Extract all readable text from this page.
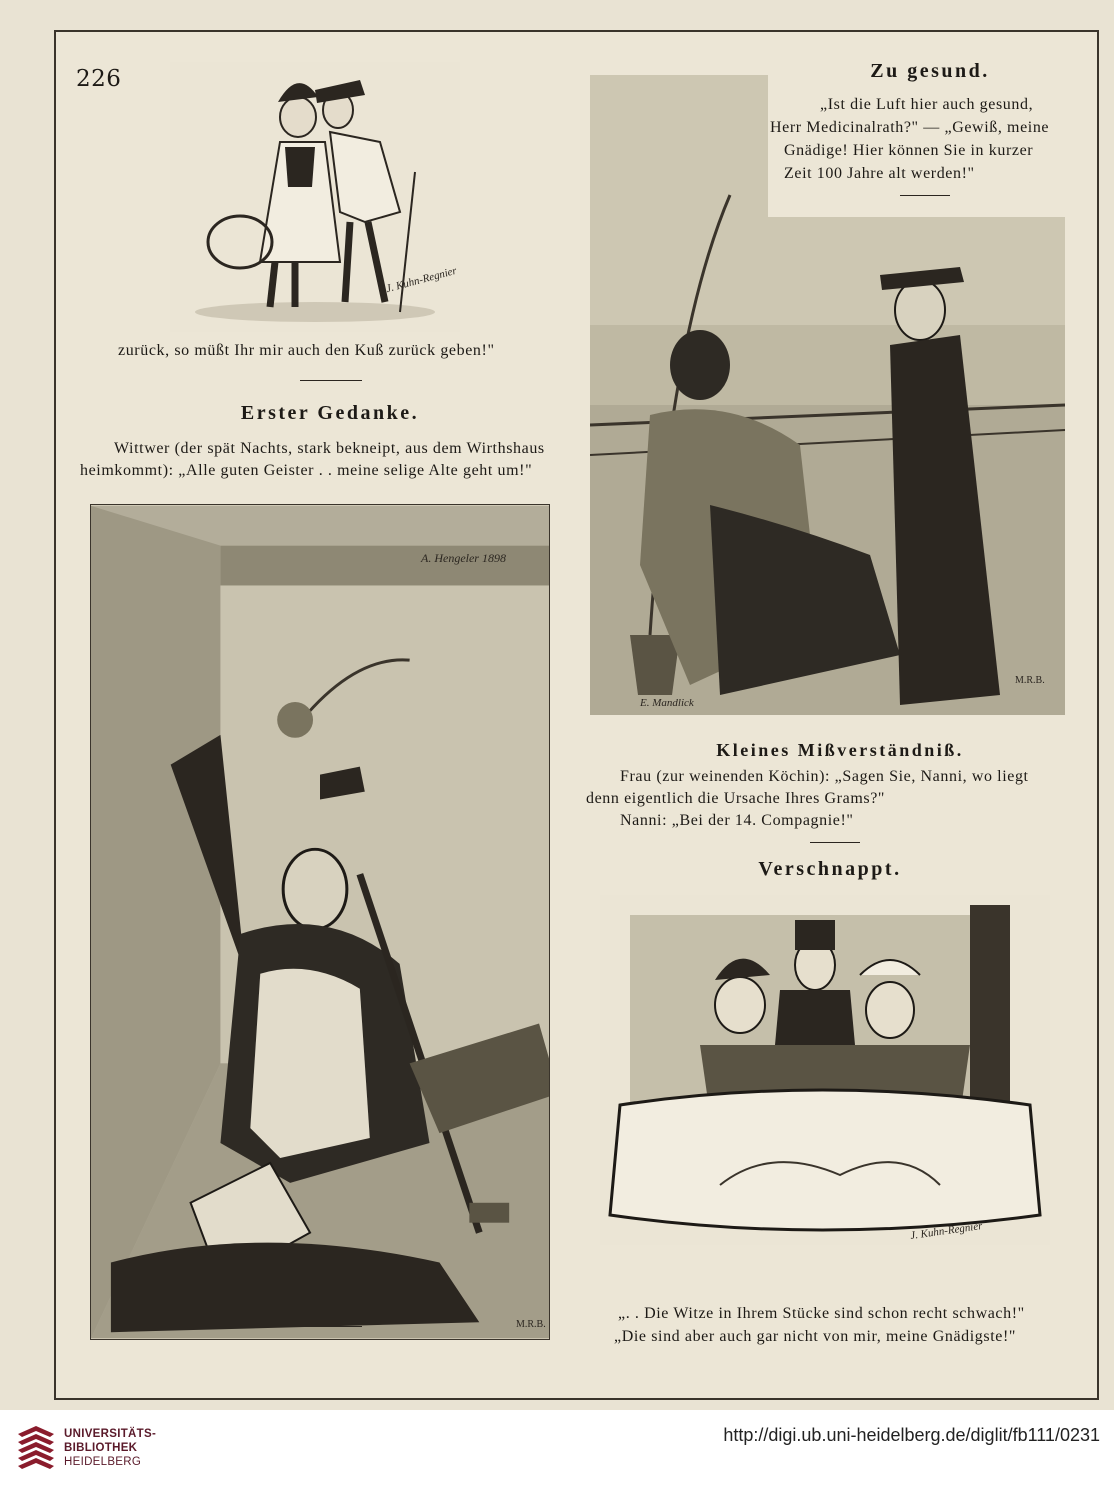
226
J. Kuhn-Regnier
zurück, so müßt Ihr mir auch den Kuß zurück geben!"
Erster Gedanke.
Wittwer (der spät Nachts, stark bekneipt, aus dem Wirthshaus
heimkommt): „Alle guten Geister . . meine selige Alte geht um!"
A. Hengeler 1898
M.R.B.
Zu gesund.
„Ist die Luft hier auch gesund,
Herr Medicinalrath?" — „Gewiß, meine
Gnädige! Hier können Sie in kurzer
Zeit 100 Jahre alt werden!"
E. Mandlick
M.R.B.
Kleines Mißverständniß.
Frau (zur weinenden Köchin): „Sagen Sie, Nanni, wo liegt
denn eigentlich die Ursache Ihres Grams?"
Nanni: „Bei der 14. Compagnie!"
Verschnappt.
J. Kuhn-Regnier
„. . Die Witze in Ihrem Stücke sind schon recht schwach!"
„Die sind aber auch gar nicht von mir, meine Gnädigste!"
UNIVERSITÄTS-
BIBLIOTHEK
HEIDELBERG
http://digi.ub.uni-heidelberg.de/diglit/fb111/0231
